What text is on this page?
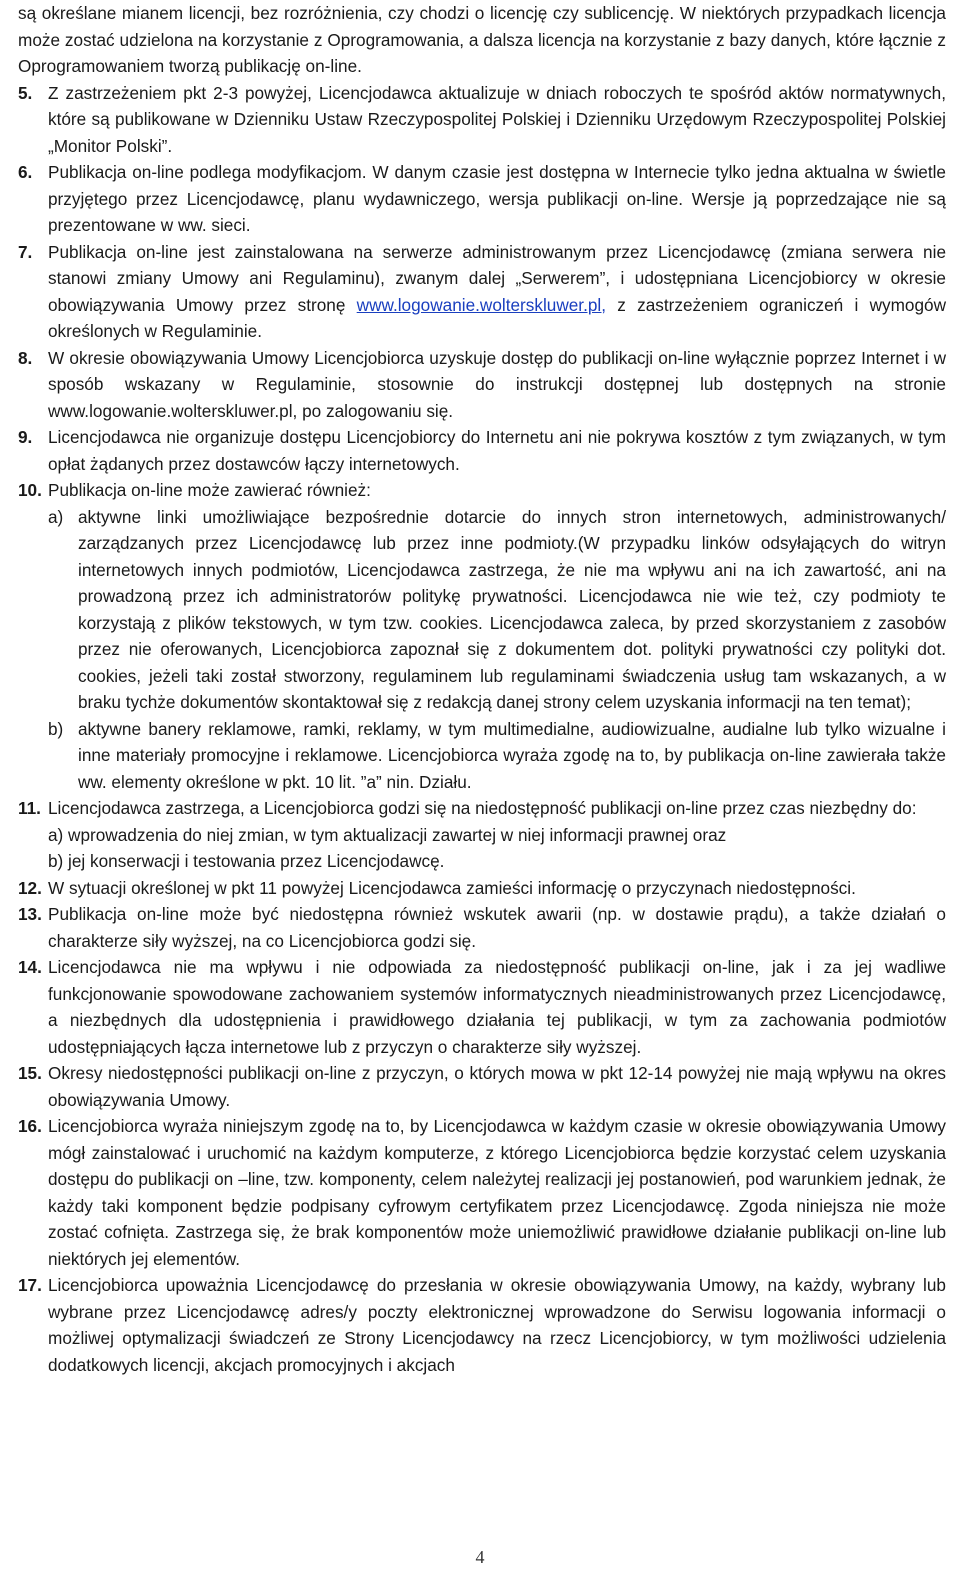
są określane mianem licencji, bez rozróżnienia, czy chodzi o licencję czy sublicencję. W niektórych przypadkach licencja może zostać udzielona na korzystanie z Oprogramowania, a dalsza licencja na korzystanie z bazy danych, które łącznie z Oprogramowaniem tworzą publikację on-line.
5. Z zastrzeżeniem pkt 2-3 powyżej, Licencjodawca aktualizuje w dniach roboczych te spośród aktów normatywnych, które są publikowane w Dzienniku Ustaw Rzeczypospolitej Polskiej i Dzienniku Urzędowym Rzeczypospolitej Polskiej „Monitor Polski”.
6. Publikacja on-line podlega modyfikacjom. W danym czasie jest dostępna w Internecie tylko jedna aktualna w świetle przyjętego przez Licencjodawcę, planu wydawniczego, wersja publikacji on-line. Wersje ją poprzedzające nie są prezentowane w ww. sieci.
7. Publikacja on-line jest zainstalowana na serwerze administrowanym przez Licencjodawcę (zmiana serwera nie stanowi zmiany Umowy ani Regulaminu), zwanym dalej „Serwerem”, i udostępniana Licencjobiorcy w okresie obowiązywania Umowy przez stronę www.logowanie.wolterskluwer.pl, z zastrzeżeniem ograniczeń i wymogów określonych w Regulaminie.
8. W okresie obowiązywania Umowy Licencjobiorca uzyskuje dostęp do publikacji on-line wyłącznie poprzez Internet i w sposób wskazany w Regulaminie, stosownie do instrukcji dostępnej lub dostępnych na stronie www.logowanie.wolterskluwer.pl, po zalogowaniu się.
9. Licencjodawca nie organizuje dostępu Licencjobiorcy do Internetu ani nie pokrywa kosztów z tym związanych, w tym opłat żądanych przez dostawców łączy internetowych.
10. Publikacja on-line może zawierać również:
a) aktywne linki umożliwiające bezpośrednie dotarcie do innych stron internetowych, administrowanych/ zarządzanych przez Licencjodawcę lub przez inne podmioty.(W przypadku linków odsyłających do witryn internetowych innych podmiotów, Licencjodawca zastrzega, że nie ma wpływu ani na ich zawartość, ani na prowadzoną przez ich administratorów politykę prywatności. Licencjodawca nie wie też, czy podmioty te korzystają z plików tekstowych, w tym tzw. cookies. Licencjodawca zaleca, by przed skorzystaniem z zasobów przez nie oferowanych, Licencjobiorca zapoznał się z dokumentem dot. polityki prywatności czy polityki dot. cookies, jeżeli taki został stworzony, regulaminem lub regulaminami świadczenia usług tam wskazanych, a w braku tychże dokumentów skontaktował się z redakcją danej strony celem uzyskania informacji na ten temat);
b) aktywne banery reklamowe, ramki, reklamy, w tym multimedialne, audiowizualne, audialne lub tylko wizualne i inne materiały promocyjne i reklamowe. Licencjobiorca wyraża zgodę na to, by publikacja on-line zawierała także ww. elementy określone w pkt. 10 lit. ”a” nin. Działu.
11. Licencjodawca zastrzega, a Licencjobiorca godzi się na niedostępność publikacji on-line przez czas niezbędny do:
a) wprowadzenia do niej zmian, w tym aktualizacji zawartej w niej informacji prawnej oraz
b) jej konserwacji i testowania przez Licencjodawcę.
12. W sytuacji określonej w pkt 11 powyżej Licencjodawca zamieści informację o przyczynach niedostępności.
13. Publikacja on-line może być niedostępna również wskutek awarii (np. w dostawie prądu), a także działań o charakterze siły wyższej, na co Licencjobiorca godzi się.
14. Licencjodawca nie ma wpływu i nie odpowiada za niedostępność publikacji on-line, jak i za jej wadliwe funkcjonowanie spowodowane zachowaniem systemów informatycznych nieadministrowanych przez Licencjodawcę, a niezbędnych dla udostępnienia i prawidłowego działania tej publikacji, w tym za zachowania podmiotów udostępniających łącza internetowe lub z przyczyn o charakterze siły wyższej.
15. Okresy niedostępności publikacji on-line z przyczyn, o których mowa w pkt 12-14 powyżej nie mają wpływu na okres obowiązywania Umowy.
16. Licencjobiorca wyraża niniejszym zgodę na to, by Licencjodawca w każdym czasie w okresie obowiązywania Umowy mógł zainstalować i uruchomić na każdym komputerze, z którego Licencjobiorca będzie korzystać celem uzyskania dostępu do publikacji on –line, tzw. komponenty, celem należytej realizacji jej postanowień, pod warunkiem jednak, że każdy taki komponent będzie podpisany cyfrowym certyfikatem przez Licencjodawcę. Zgoda niniejsza nie może zostać cofnięta. Zastrzega się, że brak komponentów może uniemożliwić prawidłowe działanie publikacji on-line lub niektórych jej elementów.
17. Licencjobiorca upoważnia Licencjodawcę do przesłania w okresie obowiązywania Umowy, na każdy, wybrany lub wybrane przez Licencjodawcę adres/y poczty elektronicznej wprowadzone do Serwisu logowania informacji o możliwej optymalizacji świadczeń ze Strony Licencjodawcy na rzecz Licencjobiorcy, w tym możliwości udzielenia dodatkowych licencji, akcjach promocyjnych i akcjach
4
